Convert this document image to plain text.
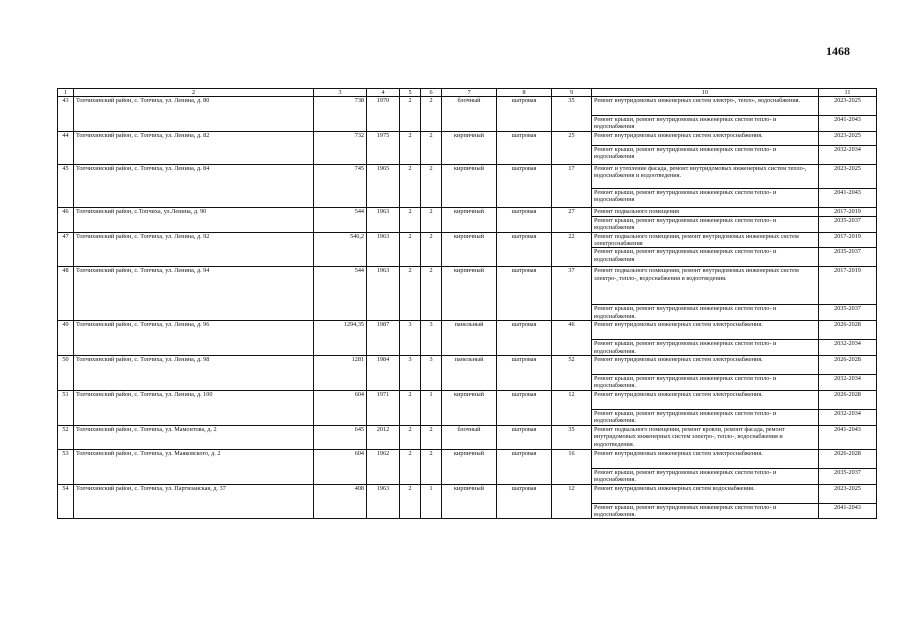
1468
1	2	3	4	5	6	7	8	9	10	11
43	Топчихинский район, с. Топчиха, ул. Ленина, д. 80	738	1970	2	2	блочный	шатровая	35	Ремонт внутридомовых инженерных систем электро-, тепло-, водоснабжения.	2023-2025
									Ремонт крыши, ремонт внутридомовых инженерных систем тепло- и водоснабжения	2041-2043
44	Топчихинский район, с. Топчиха, ул. Ленина, д. 82	732	1975	2	2	кирпичный	шатровая	25	Ремонт внутридомовых инженерных систем электроснабжения.	2023-2025
									Ремонт крыши, ремонт внутридомовых инженерных систем тепло- и водоснабжения	2032-2034
45	Топчихинский район, с. Топчиха, ул. Ленина, д. 84	745	1965	2	2	кирпичный	шатровая	17	Ремонт и утепление фасада, ремонт внутридомовых инженерных систем тепло-, водоснабжения и водоотведения.	2023-2025
									Ремонт крыши, ремонт внутридомовых инженерных систем тепло- и водоснабжения	2041-2043
46	Топчихинский район, с.Топчиха, ул.Ленина, д. 90	544	1963	2	2	кирпичный	шатровая	27	Ремонт подвального помещения	2017-2019
									Ремонт крыши, ремонт внутридомовых инженерных систем тепло- и водоснабжения	2035-2037
47	Топчихинский район, с. Топчиха, ул. Ленина, д. 92	546,2	1963	2	2	кирпичный	шатровая	22	Ремонт подвального помещения, ремонт внутридомовых инженерных систем электроснабжения	2017-2019
									Ремонт крыши, ремонт внутридомовых инженерных систем тепло- и водоснабжения	2035-2037
48	Топчихинский район, с. Топчиха, ул. Ленина, д. 94	544	1963	2	2	кирпичный	шатровая	37	Ремонт подвального помещения, ремонт внутридомовых инженерных систем электро-, тепло-, водоснабжения и водоотведения.	2017-2019
									Ремонт крыши, ремонт внутридомовых инженерных систем тепло- и водоснабжения.	2035-2037
49	Топчихинский район, с. Топчиха, ул. Ленина, д. 96	1294,35	1987	3	3	панельный	шатровая	46	Ремонт внутридомовых инженерных систем электроснабжения.	2026-2028
									Ремонт крыши, ремонт внутридомовых инженерных систем тепло- и водоснабжения.	2032-2034
50	Топчихинский район, с. Топчиха, ул. Ленина, д. 98	1281	1984	3	3	панельный	шатровая	52	Ремонт внутридомовых инженерных систем электроснабжения.	2026-2028
									Ремонт крыши, ремонт внутридомовых инженерных систем тепло- и водоснабжения.	2032-2034
51	Топчихинский район, с. Топчиха, ул. Ленина, д. 100	604	1971	2	1	кирпичный	шатровая	12	Ремонт внутридомовых инженерных систем электроснабжения.	2026-2028
									Ремонт крыши, ремонт внутридомовых инженерных систем тепло- и водоснабжения.	2032-2034
52	Топчихинский район, с. Топчиха, ул. Мамонтова, д. 2	645	2012	2	2	блочный	шатровая	35	Ремонт подвального помещения, ремонт кровли, ремонт фасада, ремонт внутридомовых инженерных систем электро-, тепло-, водоснабжения и водоотведения.	2041-2043
53	Топчихинский район, с. Топчиха, ул. Маяковского, д. 2	604	1962	2	2	кирпичный	шатровая	16	Ремонт внутридомовых инженерных систем электроснабжения.	2026-2028
									Ремонт крыши, ремонт внутридомовых инженерных систем тепло- и водоснабжения.	2035-2037
54	Топчихинский район, с. Топчиха, ул. Партизанская, д. 37	408	1963	2	1	кирпичный	шатровая	12	Ремонт внутридомовых инженерных систем водоснабжения.	2023-2025
									Ремонт крыши, ремонт внутридомовых инженерных систем тепло- и водоснабжения.	2041-2043
